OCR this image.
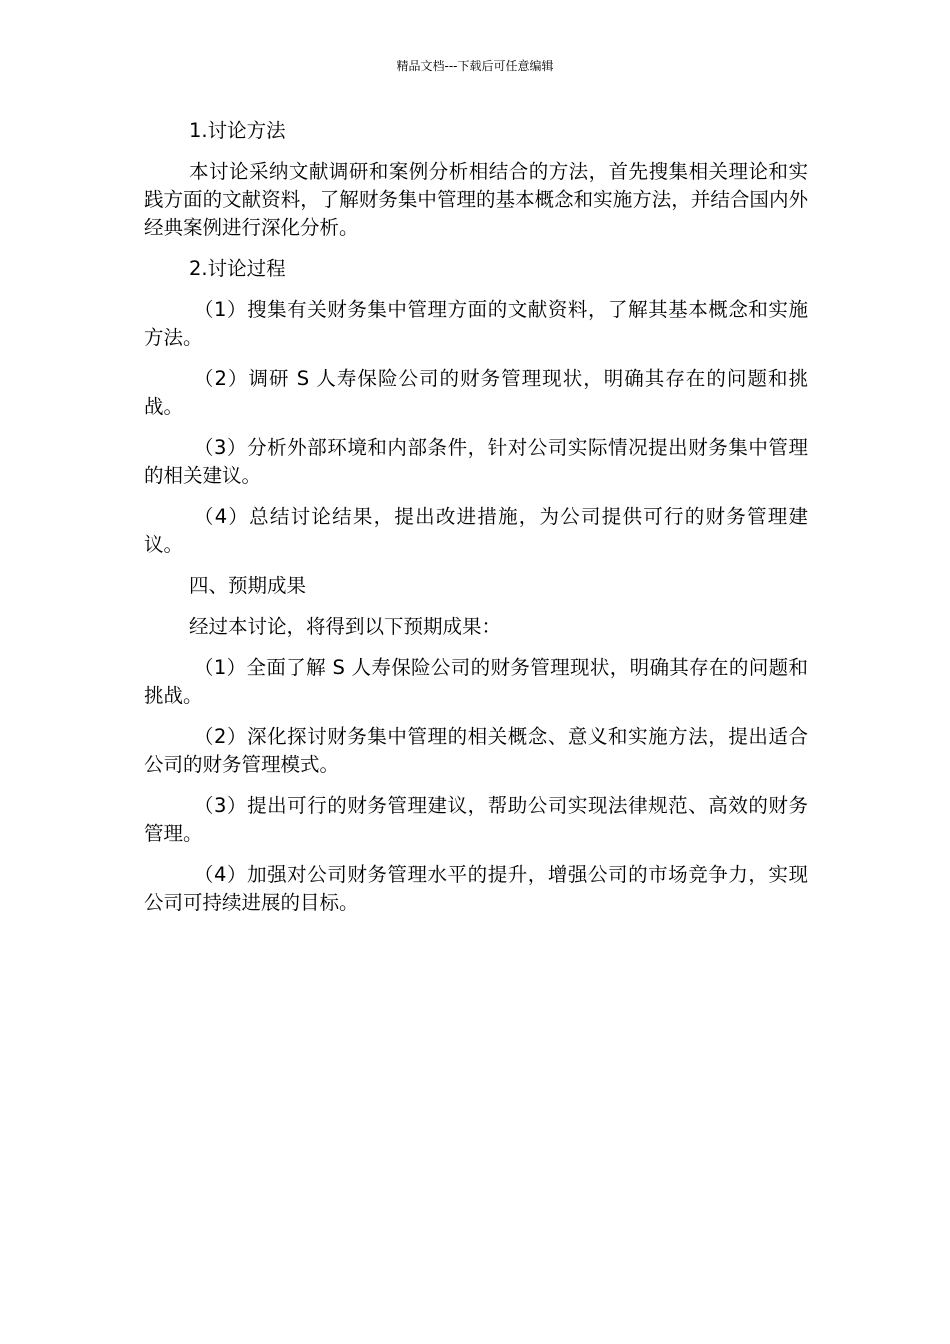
精品文档---下载后可任意编辑

1.讨论方法

本讨论采纳文献调研和案例分析相结合的方法，首先搜集相关理论和实践方面的文献资料，了解财务集中管理的基本概念和实施方法，并结合国内外经典案例进行深化分析。

2.讨论过程

（1）搜集有关财务集中管理方面的文献资料，了解其基本概念和实施方法。

（2）调研 S 人寿保险公司的财务管理现状，明确其存在的问题和挑战。

（3）分析外部环境和内部条件，针对公司实际情况提出财务集中管理的相关建议。

（4）总结讨论结果，提出改进措施，为公司提供可行的财务管理建议。

四、预期成果

经过本讨论，将得到以下预期成果：

（1）全面了解 S 人寿保险公司的财务管理现状，明确其存在的问题和挑战。

（2）深化探讨财务集中管理的相关概念、意义和实施方法，提出适合公司的财务管理模式。

（3）提出可行的财务管理建议，帮助公司实现法律规范、高效的财务管理。

（4）加强对公司财务管理水平的提升，增强公司的市场竞争力，实现公司可持续进展的目标。
